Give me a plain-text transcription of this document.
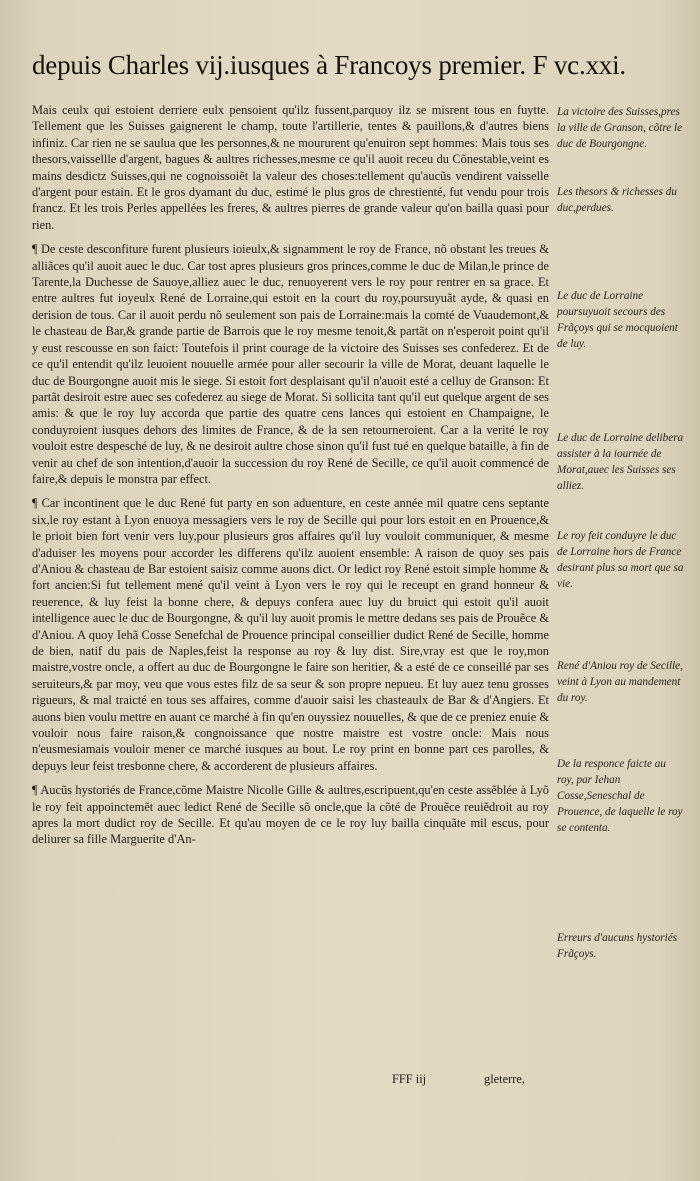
depuis Charles vij.iusques à Francoys premier. F vc.xxi.

Mais ceulx qui estoient derriere eulx pensoient qu'ilz fussent,parquoy ilz se misrent tous en fuytte. Tellement que les Suisses gaignerent le champ, toute l'artillerie, tentes & pauillons,& d'autres biens infiniz. Car rien ne se saulua que les personnes,& ne moururent qu'enuiron sept hommes: Mais tous ses thesors,vaissellle d'argent, bagues & aultres richesses,mesme ce qu'il auoit receu du Cõnestable,veint es mains desdictz Suisses,qui ne cognoissoiẽt la valeur des choses:tellement qu'aucũs vendirent vaisselle d'argent pour estain. Et le gros dyamant du duc, estimé le plus gros de chrestienté, fut vendu pour trois francz. Et les trois Perles appellées les freres, & aultres pierres de grande valeur qu'on bailla quasi pour rien.

¶ De ceste desconfiture furent plusieurs ioieulx,& signamment le roy de France, nõ obstant les treues & alliãces qu'il auoit auec le duc. Car tost apres plusieurs gros princes,comme le duc de Milan,le prince de Tarente,la Duchesse de Sauoye,alliez auec le duc, renuoyerent vers le roy pour rentrer en sa grace. Et entre aultres fut ioyeulx René de Lorraine,qui estoit en la court du roy,poursuyuãt ayde, & quasi en derision de tous. Car il auoit perdu nõ seulement son pais de Lorraine:mais la comté de Vuaudemont,& le chasteau de Bar,& grande partie de Barrois que le roy mesme tenoit,& partãt on n'esperoit point qu'il y eust rescousse en son faict: Toutefois il print courage de la victoire des Suisses ses confederez. Et de ce qu'il entendit qu'ilz leuoient nouuelle armée pour aller secourir la ville de Morat, deuant laquelle le duc de Bourgongne auoit mis le siege. Si estoit fort desplaisant qu'il n'auoit esté a celluy de Granson: Et partãt desiroit estre auec ses cofederez au siege de Morat. Si sollicita tant qu'il eut quelque argent de ses amis: & que le roy luy accorda que partie des quatre cens lances qui estoient en Champaigne, le conduyroient iusques dehors des limites de France, & de la sen retourneroient. Car a la verité le roy vouloit estre despesché de luy, & ne desiroit aultre chose sinon qu'il fust tué en quelque bataille, à fin de venir au chef de son intention,d'auoir la succession du roy René de Secille, ce qu'il auoit commencé de faire,& depuis le monstra par effect.

¶ Car incontinent que le duc René fut party en son aduenture, en ceste année mil quatre cens septante six,le roy estant à Lyon enuoya messagiers vers le roy de Secille qui pour lors estoit en en Prouence,& le prioit bien fort venir vers luy,pour plusieurs gros affaires qu'il luy vouloit communiquer, & mesme d'aduiser les moyens pour accorder les differens qu'ilz auoient ensemble: A raison de quoy ses pais d'Aniou & chasteau de Bar estoient saisiz comme auons dict. Or ledict roy René estoit simple homme & fort ancien:Si fut tellement mené qu'il veint à Lyon vers le roy qui le receupt en grand honneur & reuerence, & luy feist la bonne chere, & depuys confera auec luy du bruict qui estoit qu'il auoit intelligence auec le duc de Bourgongne, & qu'il luy auoit promis le mettre dedans ses pais de Prouẽce & d'Aniou. A quoy Iehã Cosse Senefchal de Prouence principal conseillier dudict René de Secille, homme de bien, natif du pais de Naples,feist la response au roy & luy dist. Sire,vray est que le roy,mon maistre,vostre oncle, a offert au duc de Bourgongne le faire son heritier, & a esté de ce conseillé par ses seruiteurs,& par moy, veu que vous estes filz de sa seur & son propre nepueu. Et luy auez tenu grosses rigueurs, & mal traicté en tous ses affaires, comme d'auoir saisi les chasteaulx de Bar & d'Angiers. Et auons bien voulu mettre en auant ce marché à fin qu'en ouyssiez nouuelles, & que de ce preniez enuie & vouloir nous faire raison,& congnoissance que nostre maistre est vostre oncle: Mais nous n'eusmesiamais vouloir mener ce marché iusques au bout. Le roy print en bonne part ces parolles, & depuys leur feist tresbonne chere, & accorderent de plusieurs affaires.

¶ Aucũs hystoriés de France,cõme Maistre Nicolle Gille & aultres,escripuent,qu'en ceste assẽblée à Lyõ le roy feit appoinctemẽt auec ledict René de Secille sõ oncle,que la cõté de Prouẽce reuiẽdroit au roy apres la mort dudict roy de Secille. Et qu'au moyen de ce le roy luy bailla cinquãte mil escus, pour deliurer sa fille Marguerite d'An-

La victoire des Suisses,pres la ville de Granson, cõtre le duc de Bourgongne.
Les thesors & richesses du duc,perdues.
Le duc de Lorraine poursuyuoit secours des Frãçoys qui se mocquoient de luy.
Le duc de Lorraine delibera assister à la iournée de Morat,auec les Suisses ses alliez.
Le roy feit conduyre le duc de Lorraine hors de France desirant plus sa mort que sa vie.
René d'Aniou roy de Secille, veint à Lyon au mandement du roy.
De la responce faicte au roy, par Iehan Cosse,Seneschal de Prouence, de laquelle le roy se contenta.
Erreurs d'aucuns hystoriés Frãçoys.
FFF iij	gleterre,
